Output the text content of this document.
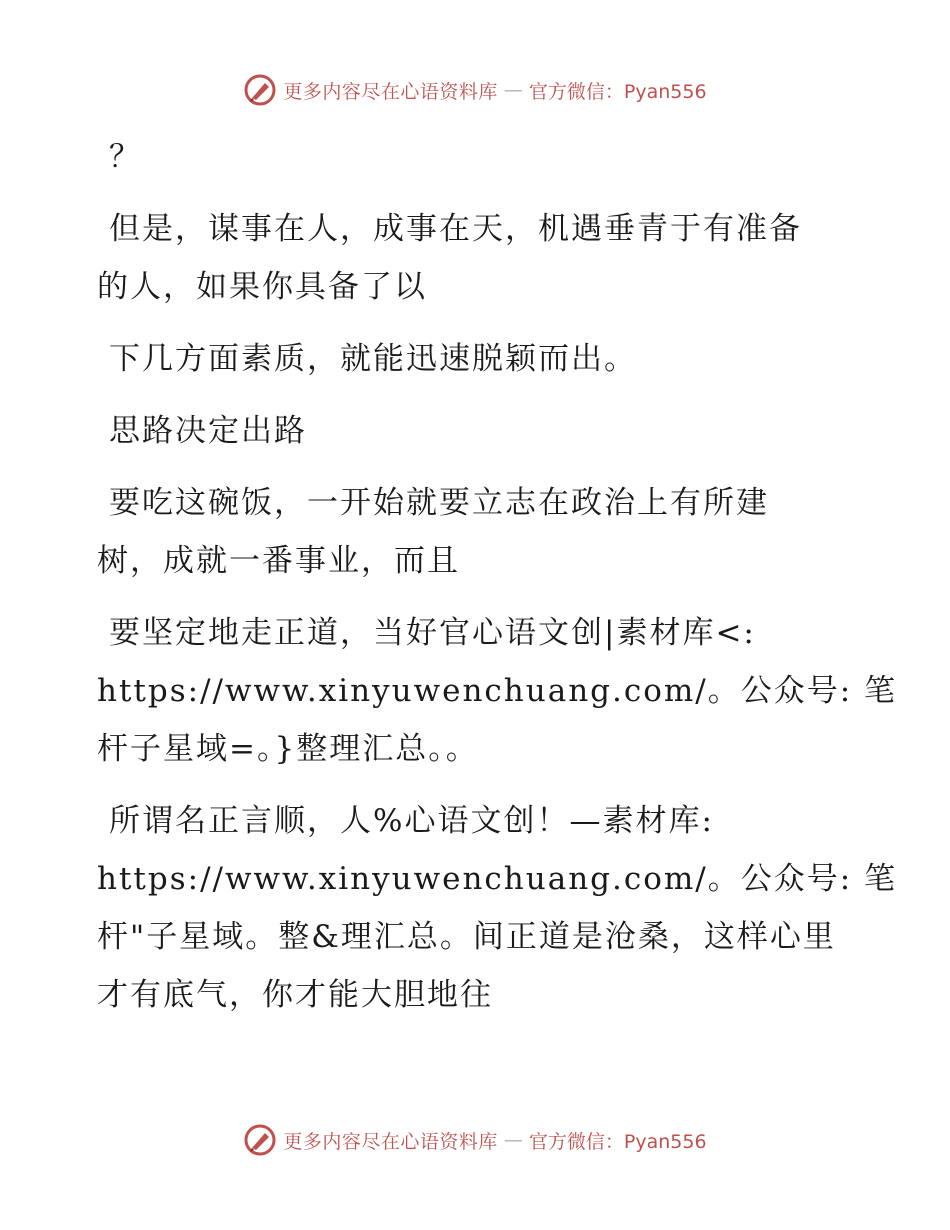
更多内容尽在心语资料库 — 官方微信：Pyan556

？

但是，谋事在人，成事在天，机遇垂青于有准备

的人，如果你具备了以

下几方面素质，就能迅速脱颖而出。

思路决定出路

要吃这碗饭，一开始就要立志在政治上有所建

树，成就一番事业，而且

要坚定地走正道，当好官心语文创|素材库<:

https://www.xinyuwenchuang.com/。公众号: 笔

杆子星域=。}整理汇总。。

所谓名正言顺，人%心语文创！—素材库:

https://www.xinyuwenchuang.com/。公众号: 笔

杆"子星域。整&理汇总。间正道是沧桑，这样心里

才有底气，你才能大胆地往

更多内容尽在心语资料库 — 官方微信：Pyan556
